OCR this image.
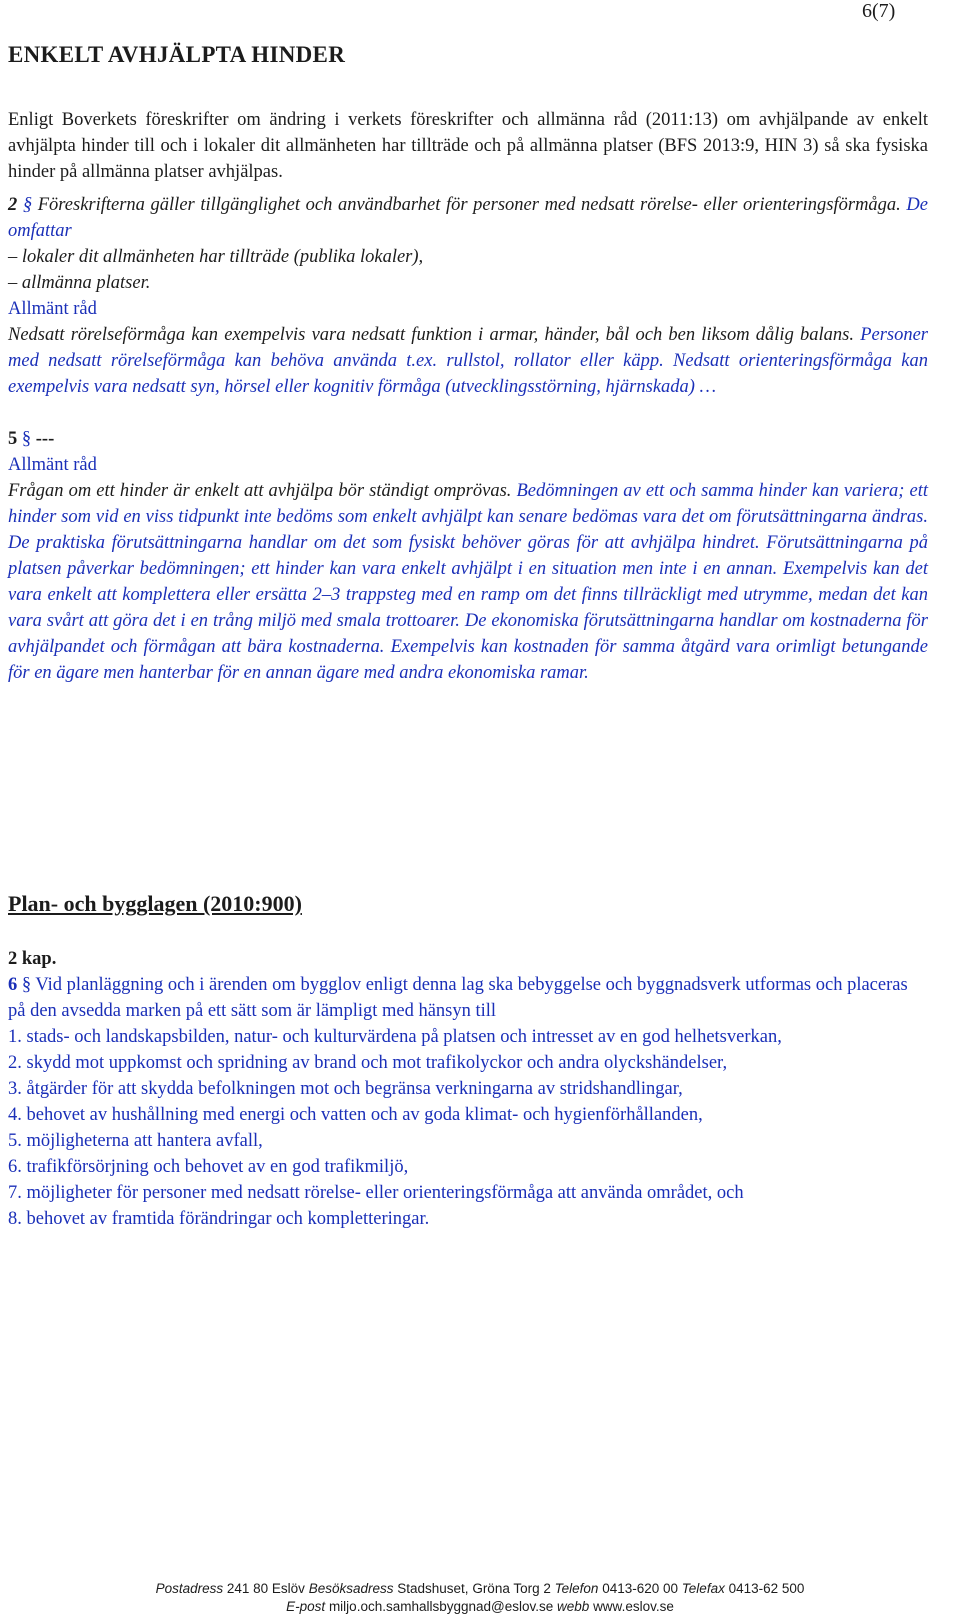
6(7)
ENKELT AVHJÄLPTA HINDER

Enligt Boverkets föreskrifter om ändring i verkets föreskrifter och allmänna råd (2011:13) om avhjälpande av enkelt avhjälpta hinder till och i lokaler dit allmänheten har tillträde och på allmänna platser (BFS 2013:9, HIN 3) så ska fysiska hinder på allmänna platser avhjälpas.

2 § Föreskrifterna gäller tillgänglighet och användbarhet för personer med nedsatt rörelse- eller orienteringsförmåga. De omfattar

– lokaler dit allmänheten har tillträde (publika lokaler),

– allmänna platser.

Allmänt råd

Nedsatt rörelseförmåga kan exempelvis vara nedsatt funktion i armar, händer, bål och ben liksom dålig balans. Personer med nedsatt rörelseförmåga kan behöva använda t.ex. rullstol, rollator eller käpp. Nedsatt orienteringsförmåga kan exempelvis vara nedsatt syn, hörsel eller kognitiv förmåga (utvecklingsstörning, hjärnskada) …

5 § ---

Allmänt råd

Frågan om ett hinder är enkelt att avhjälpa bör ständigt omprövas. Bedömningen av ett och samma hinder kan variera; ett hinder som vid en viss tidpunkt inte bedöms som enkelt avhjälpt kan senare bedömas vara det om förutsättningarna ändras. De praktiska förutsättningarna handlar om det som fysiskt behöver göras för att avhjälpa hindret. Förutsättningarna på platsen påverkar bedömningen; ett hinder kan vara enkelt avhjälpt i en situation men inte i en annan. Exempelvis kan det vara enkelt att komplettera eller ersätta 2–3 trappsteg med en ramp om det finns tillräckligt med utrymme, medan det kan vara svårt att göra det i en trång miljö med smala trottoarer. De ekonomiska förutsättningarna handlar om kostnaderna för avhjälpandet och förmågan att bära kostnaderna. Exempelvis kan kostnaden för samma åtgärd vara orimligt betungande för en ägare men hanterbar för en annan ägare med andra ekonomiska ramar.

Plan- och bygglagen (2010:900)

2 kap.

6 § Vid planläggning och i ärenden om bygglov enligt denna lag ska bebyggelse och byggnadsverk utformas och placeras på den avsedda marken på ett sätt som är lämpligt med hänsyn till

1. stads- och landskapsbilden, natur- och kulturvärdena på platsen och intresset av en god helhetsverkan,

2. skydd mot uppkomst och spridning av brand och mot trafikolyckor och andra olyckshändelser,

3. åtgärder för att skydda befolkningen mot och begränsa verkningarna av stridshandlingar,

4. behovet av hushållning med energi och vatten och av goda klimat- och hygienförhållanden,

5. möjligheterna att hantera avfall,

6. trafikförsörjning och behovet av en god trafikmiljö,

7. möjligheter för personer med nedsatt rörelse- eller orienteringsförmåga att använda området, och

8. behovet av framtida förändringar och kompletteringar.

Postadress 241 80 Eslöv Besöksadress Stadshuset, Gröna Torg 2 Telefon 0413-620 00 Telefax 0413-62 500
E-post miljo.och.samhallsbyggnad@eslov.se webb www.eslov.se
